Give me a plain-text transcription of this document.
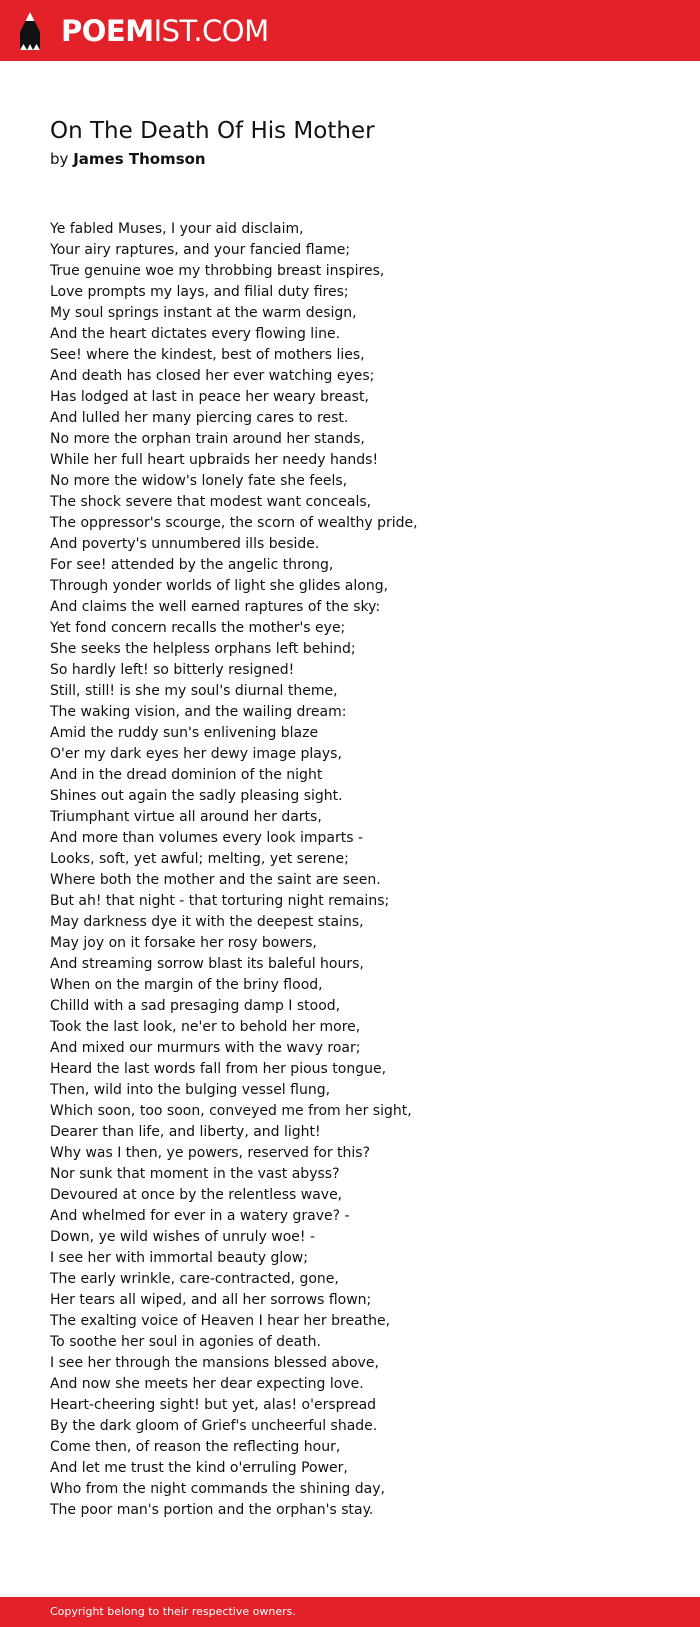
POEMIST.COM
On The Death Of His Mother
by James Thomson
Ye fabled Muses, I your aid disclaim,
Your airy raptures, and your fancied flame;
True genuine woe my throbbing breast inspires,
Love prompts my lays, and filial duty fires;
My soul springs instant at the warm design,
And the heart dictates every flowing line.
See! where the kindest, best of mothers lies,
And death has closed her ever watching eyes;
Has lodged at last in peace her weary breast,
And lulled her many piercing cares to rest.
No more the orphan train around her stands,
While her full heart upbraids her needy hands!
No more the widow's lonely fate she feels,
The shock severe that modest want conceals,
The oppressor's scourge, the scorn of wealthy pride,
And poverty's unnumbered ills beside.
For see! attended by the angelic throng,
Through yonder worlds of light she glides along,
And claims the well earned raptures of the sky:
Yet fond concern recalls the mother's eye;
She seeks the helpless orphans left behind;
So hardly left! so bitterly resigned!
Still, still! is she my soul's diurnal theme,
The waking vision, and the wailing dream:
Amid the ruddy sun's enlivening blaze
O'er my dark eyes her dewy image plays,
And in the dread dominion of the night
Shines out again the sadly pleasing sight.
Triumphant virtue all around her darts,
And more than volumes every look imparts -
Looks, soft, yet awful; melting, yet serene;
Where both the mother and the saint are seen.
But ah! that night - that torturing night remains;
May darkness dye it with the deepest stains,
May joy on it forsake her rosy bowers,
And streaming sorrow blast its baleful hours,
When on the margin of the briny flood,
Chilld with a sad presaging damp I stood,
Took the last look, ne'er to behold her more,
And mixed our murmurs with the wavy roar;
Heard the last words fall from her pious tongue,
Then, wild into the bulging vessel flung,
Which soon, too soon, conveyed me from her sight,
Dearer than life, and liberty, and light!
Why was I then, ye powers, reserved for this?
Nor sunk that moment in the vast abyss?
Devoured at once by the relentless wave,
And whelmed for ever in a watery grave? -
Down, ye wild wishes of unruly woe! -
I see her with immortal beauty glow;
The early wrinkle, care-contracted, gone,
Her tears all wiped, and all her sorrows flown;
The exalting voice of Heaven I hear her breathe,
To soothe her soul in agonies of death.
I see her through the mansions blessed above,
And now she meets her dear expecting love.
Heart-cheering sight! but yet, alas! o'erspread
By the dark gloom of Grief's uncheerful shade.
Come then, of reason the reflecting hour,
And let me trust the kind o'erruling Power,
Who from the night commands the shining day,
The poor man's portion and the orphan's stay.
Copyright belong to their respective owners.
